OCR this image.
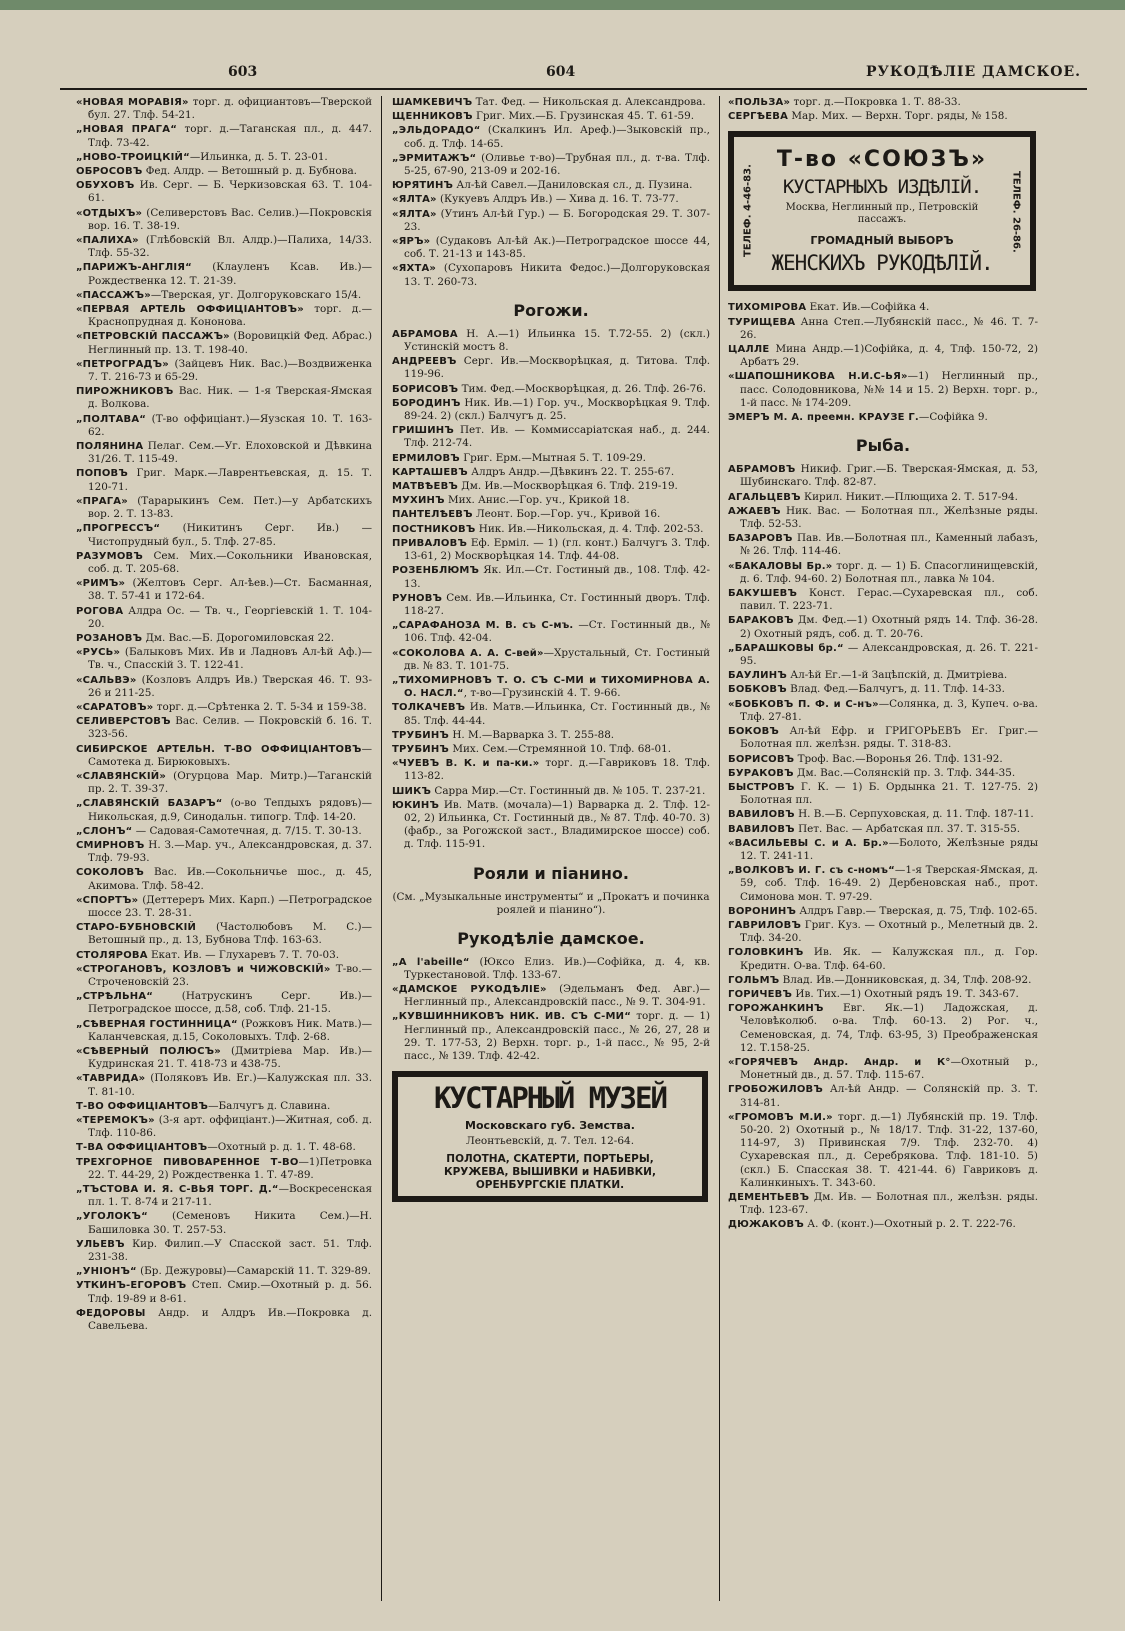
603	604	РУКОДѢЛІЕ ДАМСКОЕ.

«НОВАЯ МОРАВІЯ» торг. д. официантовъ—Тверской бул. 27. Тлф. 54-21.

„НОВАЯ ПРАГА“ торг. д.—Таганская пл., д. 447. Тлф. 73-42.

„НОВО-ТРОИЦКІЙ“—Ильинка, д. 5. Т. 23-01.

ОБРОСОВЪ Фед. Алдр. — Ветошный р. д. Бубнова.

ОБУХОВЪ Ив. Серг. — Б. Черкизовская 63. Т. 104-61.

«ОТДЫХЪ» (Селиверстовъ Вас. Селив.)—Покровскія вор. 16. Т. 38-19.

«ПАЛИХА» (Глѣбовскій Вл. Алдр.)—Палиха, 14/33. Тлф. 55-32.

„ПАРИЖЪ-АНГЛІЯ“ (Клауленъ Ксав. Ив.)—Рождественка 12. Т. 21-39.

«ПАССАЖЪ»—Тверская, уг. Долгоруковскаго 15/4.

«ПЕРВАЯ АРТЕЛЬ ОФФИЦІАНТОВЪ» торг. д.—Краснопрудная д. Кононова.

«ПЕТРОВСКІЙ ПАССАЖЪ» (Воровицкій Фед. Абрас.) Неглинный пр. 13. Т. 198-40.

«ПЕТРОГРАДЪ» (Зайцевъ Ник. Вас.)—Воздвиженка 7. Т. 216-73 и 65-29.

ПИРОЖНИКОВЪ Вас. Ник. — 1-я Тверская-Ямская д. Волкова.

„ПОЛТАВА“ (Т-во оффиціант.)—Яузская 10. Т. 163-62.

ПОЛЯНИНА Пелаг. Сем.—Уг. Елоховской и Дѣвкина 31/26. Т. 115-49.

ПОПОВЪ Григ. Марк.—Лаврентьевская, д. 15. Т. 120-71.

«ПРАГА» (Тарарыкинъ Сем. Пет.)—у Арбатскихъ вор. 2. Т. 13-83.

„ПРОГРЕССЪ“ (Никитинъ Серг. Ив.) — Чистопрудный бул., 5. Тлф. 27-85.

РАЗУМОВЪ Сем. Мих.—Сокольники Ивановская, соб. д. Т. 205-68.

«РИМЪ» (Желтовъ Серг. Ал-ѣев.)—Ст. Басманная, 38. Т. 57-41 и 172-64.

РОГОВА Алдра Ос. — Тв. ч., Георгіевскій 1. Т. 104-20.

РОЗАНОВЪ Дм. Вас.—Б. Дорогомиловская 22.

«РУСЬ» (Балыковъ Мих. Ив и Ладновъ Ал-ѣй Аф.)—Тв. ч., Спасскій 3. Т. 122-41.

«САЛЬВЭ» (Козловъ Алдръ Ив.) Тверская 46. Т. 93-26 и 211-25.

«САРАТОВЪ» торг. д.—Срѣтенка 2. Т. 5-34 и 159-38.

СЕЛИВЕРСТОВЪ Вас. Селив. — Покровскій б. 16. Т. 323-56.

СИБИРСКОЕ АРТЕЛЬН. Т-ВО ОФФИЦІАНТОВЪ—Самотека д. Бирюковыхъ.

«СЛАВЯНСКІЙ» (Огурцова Мар. Митр.)—Таганскій пр. 2. Т. 39-37.

„СЛАВЯНСКІЙ БАЗАРЪ“ (о-во Тепдыхъ рядовъ)—Никольская, д.9, Синодальн. типогр. Тлф. 14-20.

„СЛОНЪ“ — Садовая-Самотечная, д. 7/15. Т. 30-13.

СМИРНОВЪ Н. З.—Мар. уч., Александровская, д. 37. Тлф. 79-93.

СОКОЛОВЪ Вас. Ив.—Сокольничье шос., д. 45, Акимова. Тлф. 58-42.

«СПОРТЪ» (Деттереръ Мих. Карп.) —Петроградское шоссе 23. Т. 28-31.

СТАРО-БУБНОВСКІЙ (Частолюбовъ М. С.)—Ветошный пр., д. 13, Бубнова Тлф. 163-63.

СТОЛЯРОВА Екат. Ив. — Глухаревъ 7. Т. 70-03.

«СТРОГАНОВЪ, КОЗЛОВЪ и ЧИЖОВСКІЙ» Т-во.—Строченовскій 23.

„СТРѢЛЬНА“ (Натрускинъ Серг. Ив.)—Петроградское шоссе, д.58, соб. Тлф. 21-15.

„СѢВЕРНАЯ ГОСТИННИЦА“ (Рожковъ Ник. Матв.)—Каланчевская, д.15, Соколовыхъ. Тлф. 2-68.

«СѢВЕРНЫЙ ПОЛЮСЪ» (Дмитріева Мар. Ив.)—Кудринская 21. Т. 418-73 и 438-75.

«ТАВРИДА» (Поляковъ Ив. Ег.)—Калужская пл. 33. Т. 81-10.

Т-ВО ОФФИЦІАНТОВЪ—Балчугъ д. Славина.

«ТЕРЕМОКЪ» (3-я арт. оффиціант.)—Житная, соб. д. Тлф. 110-86.

Т-ВА ОФФИЦІАНТОВЪ—Охотный р. д. 1. Т. 48-68.

ТРЕХГОРНОЕ ПИВОВАРЕННОЕ Т-ВО—1)Петровка 22. Т. 44-29, 2) Рождественка 1. Т. 47-89.

„ТЪСТОВА И. Я. С-ВЬЯ ТОРГ. Д.“—Воскресенская пл. 1. Т. 8-74 и 217-11.

„УГОЛОКЪ“ (Семеновъ Никита Сем.)—Н. Башиловка 30. Т. 257-53.

УЛЬЕВЪ Кир. Филип.—У Спасской заст. 51. Тлф. 231-38.

„УНІОНЪ“ (Бр. Дежуровы)—Самарскій 11. Т. 329-89.

УТКИНЪ-ЕГОРОВЪ Степ. Смир.—Охотный р. д. 56. Тлф. 19-89 и 8-61.

ФЕДОРОВЫ Андр. и Алдръ Ив.—Покровка д. Савельева.

ШАМКЕВИЧЪ Тат. Фед. — Никольская д. Александрова.

ЩЕННИКОВЪ Григ. Мих.—Б. Грузинская 45. Т. 61-59.

„ЭЛЬДОРАДО“ (Скалкинъ Ил. Ареф.)—Зыковскій пр., соб. д. Тлф. 14-65.

„ЭРМИТАЖЪ“ (Оливье т-во)—Трубная пл., д. т-ва. Тлф. 5-25, 67-90, 213-09 и 202-16.

ЮРЯТИНЪ Ал-ѣй Савел.—Даниловская сл., д. Пузина.

«ЯЛТА» (Кукуевъ Алдръ Ив.) — Хива д. 16. Т. 73-77.

«ЯЛТА» (Утинъ Ал-ѣй Гур.) — Б. Богородская 29. Т. 307-23.

«ЯРЪ» (Судаковъ Ал-ѣй Ак.)—Петроградское шоссе 44, соб. Т. 21-13 и 143-85.

«ЯХТА» (Сухопаровъ Никита Федос.)—Долгоруковская 13. Т. 260-73.

Рогожи.

АБРАМОВА Н. А.—1) Ильинка 15. Т.72-55. 2) (скл.) Устинскій мостъ 8.

АНДРЕЕВЪ Серг. Ив.—Москворѣцкая, д. Титова. Тлф. 119-96.

БОРИСОВЪ Тим. Фед.—Москворѣцкая, д. 26. Тлф. 26-76.

БОРОДИНЪ Ник. Ив.—1) Гор. уч., Москворѣцкая 9. Тлф. 89-24. 2) (скл.) Балчугъ д. 25.

ГРИШИНЪ Пет. Ив. — Коммиссаріатская наб., д. 244. Тлф. 212-74.

ЕРМИЛОВЪ Григ. Ерм.—Мытная 5. Т. 109-29.

КАРТАШЕВЪ Алдръ Андр.—Дѣвкинъ 22. Т. 255-67.

МАТВѢЕВЪ Дм. Ив.—Москворѣцкая 6. Тлф. 219-19.

МУХИНЪ Мих. Анис.—Гор. уч., Крикой 18.

ПАНТЕЛѢЕВЪ Леонт. Бор.—Гор. уч., Кривой 16.

ПОСТНИКОВЪ Ник. Ив.—Никольская, д. 4. Тлф. 202-53.

ПРИВАЛОВЪ Еф. Ерміл. — 1) (гл. конт.) Балчугъ 3. Тлф. 13-61, 2) Москворѣцкая 14. Тлф. 44-08.

РОЗЕНБЛЮМЪ Як. Ил.—Ст. Гостиный дв., 108. Тлф. 42-13.

РУНОВЪ Сем. Ив.—Ильинка, Ст. Гостинный дворъ. Тлф. 118-27.

„САРАФАНОЗА М. В. съ С-мъ. —Ст. Гостинный дв., № 106. Тлф. 42-04.

«СОКОЛОВА А. А. С-вей»—Хрустальный, Ст. Гостиный дв. № 83. Т. 101-75.

„ТИХОМИРНОВЪ Т. О. СЪ С-МИ и ТИХОМИРНОВА А. О. НАСЛ.“, т-во—Грузинскій 4. Т. 9-66.

ТОЛКАЧЕВЪ Ив. Матв.—Ильинка, Ст. Гостинный дв., № 85. Тлф. 44-44.

ТРУБИНЪ Н. М.—Варварка 3. Т. 255-88.

ТРУБИНЪ Мих. Сем.—Стремянной 10. Тлф. 68-01.

«ЧУЕВЪ В. К. и па-ки.» торг. д.—Гавриковъ 18. Тлф. 113-82.

ШИКЪ Сарра Мир.—Ст. Гостинный дв. № 105. Т. 237-21.

ЮКИНЪ Ив. Матв. (мочала)—1) Варварка д. 2. Тлф. 12-02, 2) Ильинка, Ст. Гостинный дв., № 87. Тлф. 40-70. 3) (фабр., за Рогожской заст., Владимирское шоссе) соб. д. Тлф. 115-91.

Рояли и піанино.
(См. „Музыкальные инструменты“ и „Прокатъ и починка роялей и піанино“).
Рукодѣліе дамское.

„A l'abeille“ (Юксо Елиз. Ив.)—Софійка, д. 4, кв. Туркестановой. Тлф. 133-67.

«ДАМСКОЕ РУКОДѢЛІЕ» (Эдельманъ Фед. Авг.)—Неглинный пр., Александровскій пасс., № 9. Т. 304-91.

„КУВШИННИКОВЪ НИК. ИВ. СЪ С-МИ“ торг. д. — 1) Неглинный пр., Александровскій пасс., № 26, 27, 28 и 29. Т. 177-53, 2) Верхн. торг. р., 1-й пасс., № 95, 2-й пасс., № 139. Тлф. 42-42.

КУСТАРНЫЙ МУЗЕЙ
Московскаго губ. Земства.
Леонтьевскій, д. 7. Тел. 12-64.
ПОЛОТНА, СКАТЕРТИ, ПОРТЬЕРЫ,
КРУЖЕВА, ВЫШИВКИ и НАБИВКИ,
ОРЕНБУРГСКІЕ ПЛАТКИ.

«ПОЛЬЗА» торг. д.—Покровка 1. Т. 88-33.

СЕРГѢЕВА Мар. Мих. — Верхн. Торг. ряды, № 158.

ТЕЛЕФ. 4-46-83.	ТЕЛЕФ. 26-86.
Т-во «СОЮЗЪ»
КУСТАРНЫХЪ ИЗДѢЛІЙ.
Москва, Неглинный пр., Петровскій пассажъ.
ГРОМАДНЫЙ ВЫБОРЪ
ЖЕНСКИХЪ РУКОДѢЛІЙ.

ТИХОМІРОВА Екат. Ив.—Софійка 4.

ТУРИЩЕВА Анна Степ.—Лубянскій пасс., № 46. Т. 7-26.

ЦАЛЛЕ Мина Андр.—1)Софійка, д. 4, Тлф. 150-72, 2) Арбатъ 29.

«ШАПОШНИКОВА Н.И.С-ЬЯ»—1) Неглинный пр., пасс. Солодовникова, №№ 14 и 15. 2) Верхн. торг. р., 1-й пасс. № 174-209.

ЭМЕРЪ М. А. преемн. КРАУЗЕ Г.—Софійка 9.

Рыба.

АБРАМОВЪ Никиф. Григ.—Б. Тверская-Ямская, д. 53, Шубинскаго. Тлф. 82-87.

АГАЛЬЦЕВЪ Кирил. Никит.—Плющиха 2. Т. 517-94.

АЖАЕВЪ Ник. Вас. — Болотная пл., Желѣзные ряды. Тлф. 52-53.

БАЗАРОВЪ Пав. Ив.—Болотная пл., Каменный лабазъ, № 26. Тлф. 114-46.

«БАКАЛОВЫ Бр.» торг. д. — 1) Б. Спасоглинищевскій, д. 6. Тлф. 94-60. 2) Болотная пл., лавка № 104.

БАКУШЕВЪ Конст. Герас.—Сухаревская пл., соб. павил. Т. 223-71.

БАРАКОВЪ Дм. Фед.—1) Охотный рядъ 14. Тлф. 36-28. 2) Охотный рядъ, соб. д. Т. 20-76.

„БАРАШКОВЫ бр.“ — Александровская, д. 26. Т. 221-95.

БАУЛИНЪ Ал-ѣй Ег.—1-й Зацѣпскій, д. Дмитріева.

БОБКОВЪ Влад. Фед.—Балчугъ, д. 11. Тлф. 14-33.

«БОБКОВЪ П. Ф. и С-нъ»—Солянка, д. 3, Купеч. о-ва. Тлф. 27-81.

БОКОВЪ Ал-ѣй Ефр. и ГРИГОРЬЕВЪ Ег. Григ.—Болотная пл. желѣзн. ряды. Т. 318-83.

БОРИСОВЪ Троф. Вас.—Воронья 26. Тлф. 131-92.

БУРАКОВЪ Дм. Вас.—Солянскій пр. 3. Тлф. 344-35.

БЫСТРОВЪ Г. К. — 1) Б. Ордынка 21. Т. 127-75. 2) Болотная пл.

ВАВИЛОВЪ Н. В.—Б. Серпуховская, д. 11. Тлф. 187-11.

ВАВИЛОВЪ Пет. Вас. — Арбатская пл. 37. Т. 315-55.

«ВАСИЛЬЕВЫ С. и А. Бр.»—Болото, Желѣзные ряды 12. Т. 241-11.

„ВОЛКОВЪ И. Г. съ с-номъ“—1-я Тверская-Ямская, д. 59, соб. Тлф. 16-49. 2) Дербеновская наб., прот. Симонова мон. Т. 97-29.

ВОРОНИНЪ Алдръ Гавр.— Тверская, д. 75, Тлф. 102-65.

ГАВРИЛОВЪ Григ. Куз. — Охотный р., Мелетный дв. 2. Тлф. 34-20.

ГОЛОВКИНЪ Ив. Як. — Калужская пл., д. Гор. Кредитн. О-ва. Тлф. 64-60.

ГОЛЬМЪ Влад. Ив.—Донниковская, д. 34, Тлф. 208-92.

ГОРИЧЕВЪ Ив. Тих.—1) Охотный рядъ 19. Т. 343-67.

ГОРОЖАНКИНЪ Евг. Як.—1) Ладожская, д. Человѣколюб. о-ва. Тлф. 60-13. 2) Рог. ч., Семеновская, д. 74, Тлф. 63-95, 3) Преображенская 12. Т.158-25.

«ГОРЯЧЕВЪ Андр. Андр. и К°—Охотный р., Монетный дв., д. 57. Тлф. 115-67.

ГРОБОЖИЛОВЪ Ал-ѣй Андр. — Солянскій пр. 3. Т. 314-81.

«ГРОМОВЪ М.И.» торг. д.—1) Лубянскій пр. 19. Тлф. 50-20. 2) Охотный р., № 18/17. Тлф. 31-22, 137-60, 114-97, 3) Привинская 7/9. Тлф. 232-70. 4) Сухаревская пл., д. Серебрякова. Тлф. 181-10. 5)(скл.) Б. Спасская 38. Т. 421-44. 6) Гавриковъ д. Калинкиныхъ. Т. 343-60.

ДЕМЕНТЬЕВЪ Дм. Ив. — Болотная пл., желѣзн. ряды. Тлф. 123-67.

ДЮЖАКОВЪ А. Ф. (конт.)—Охотный р. 2. Т. 222-76.
